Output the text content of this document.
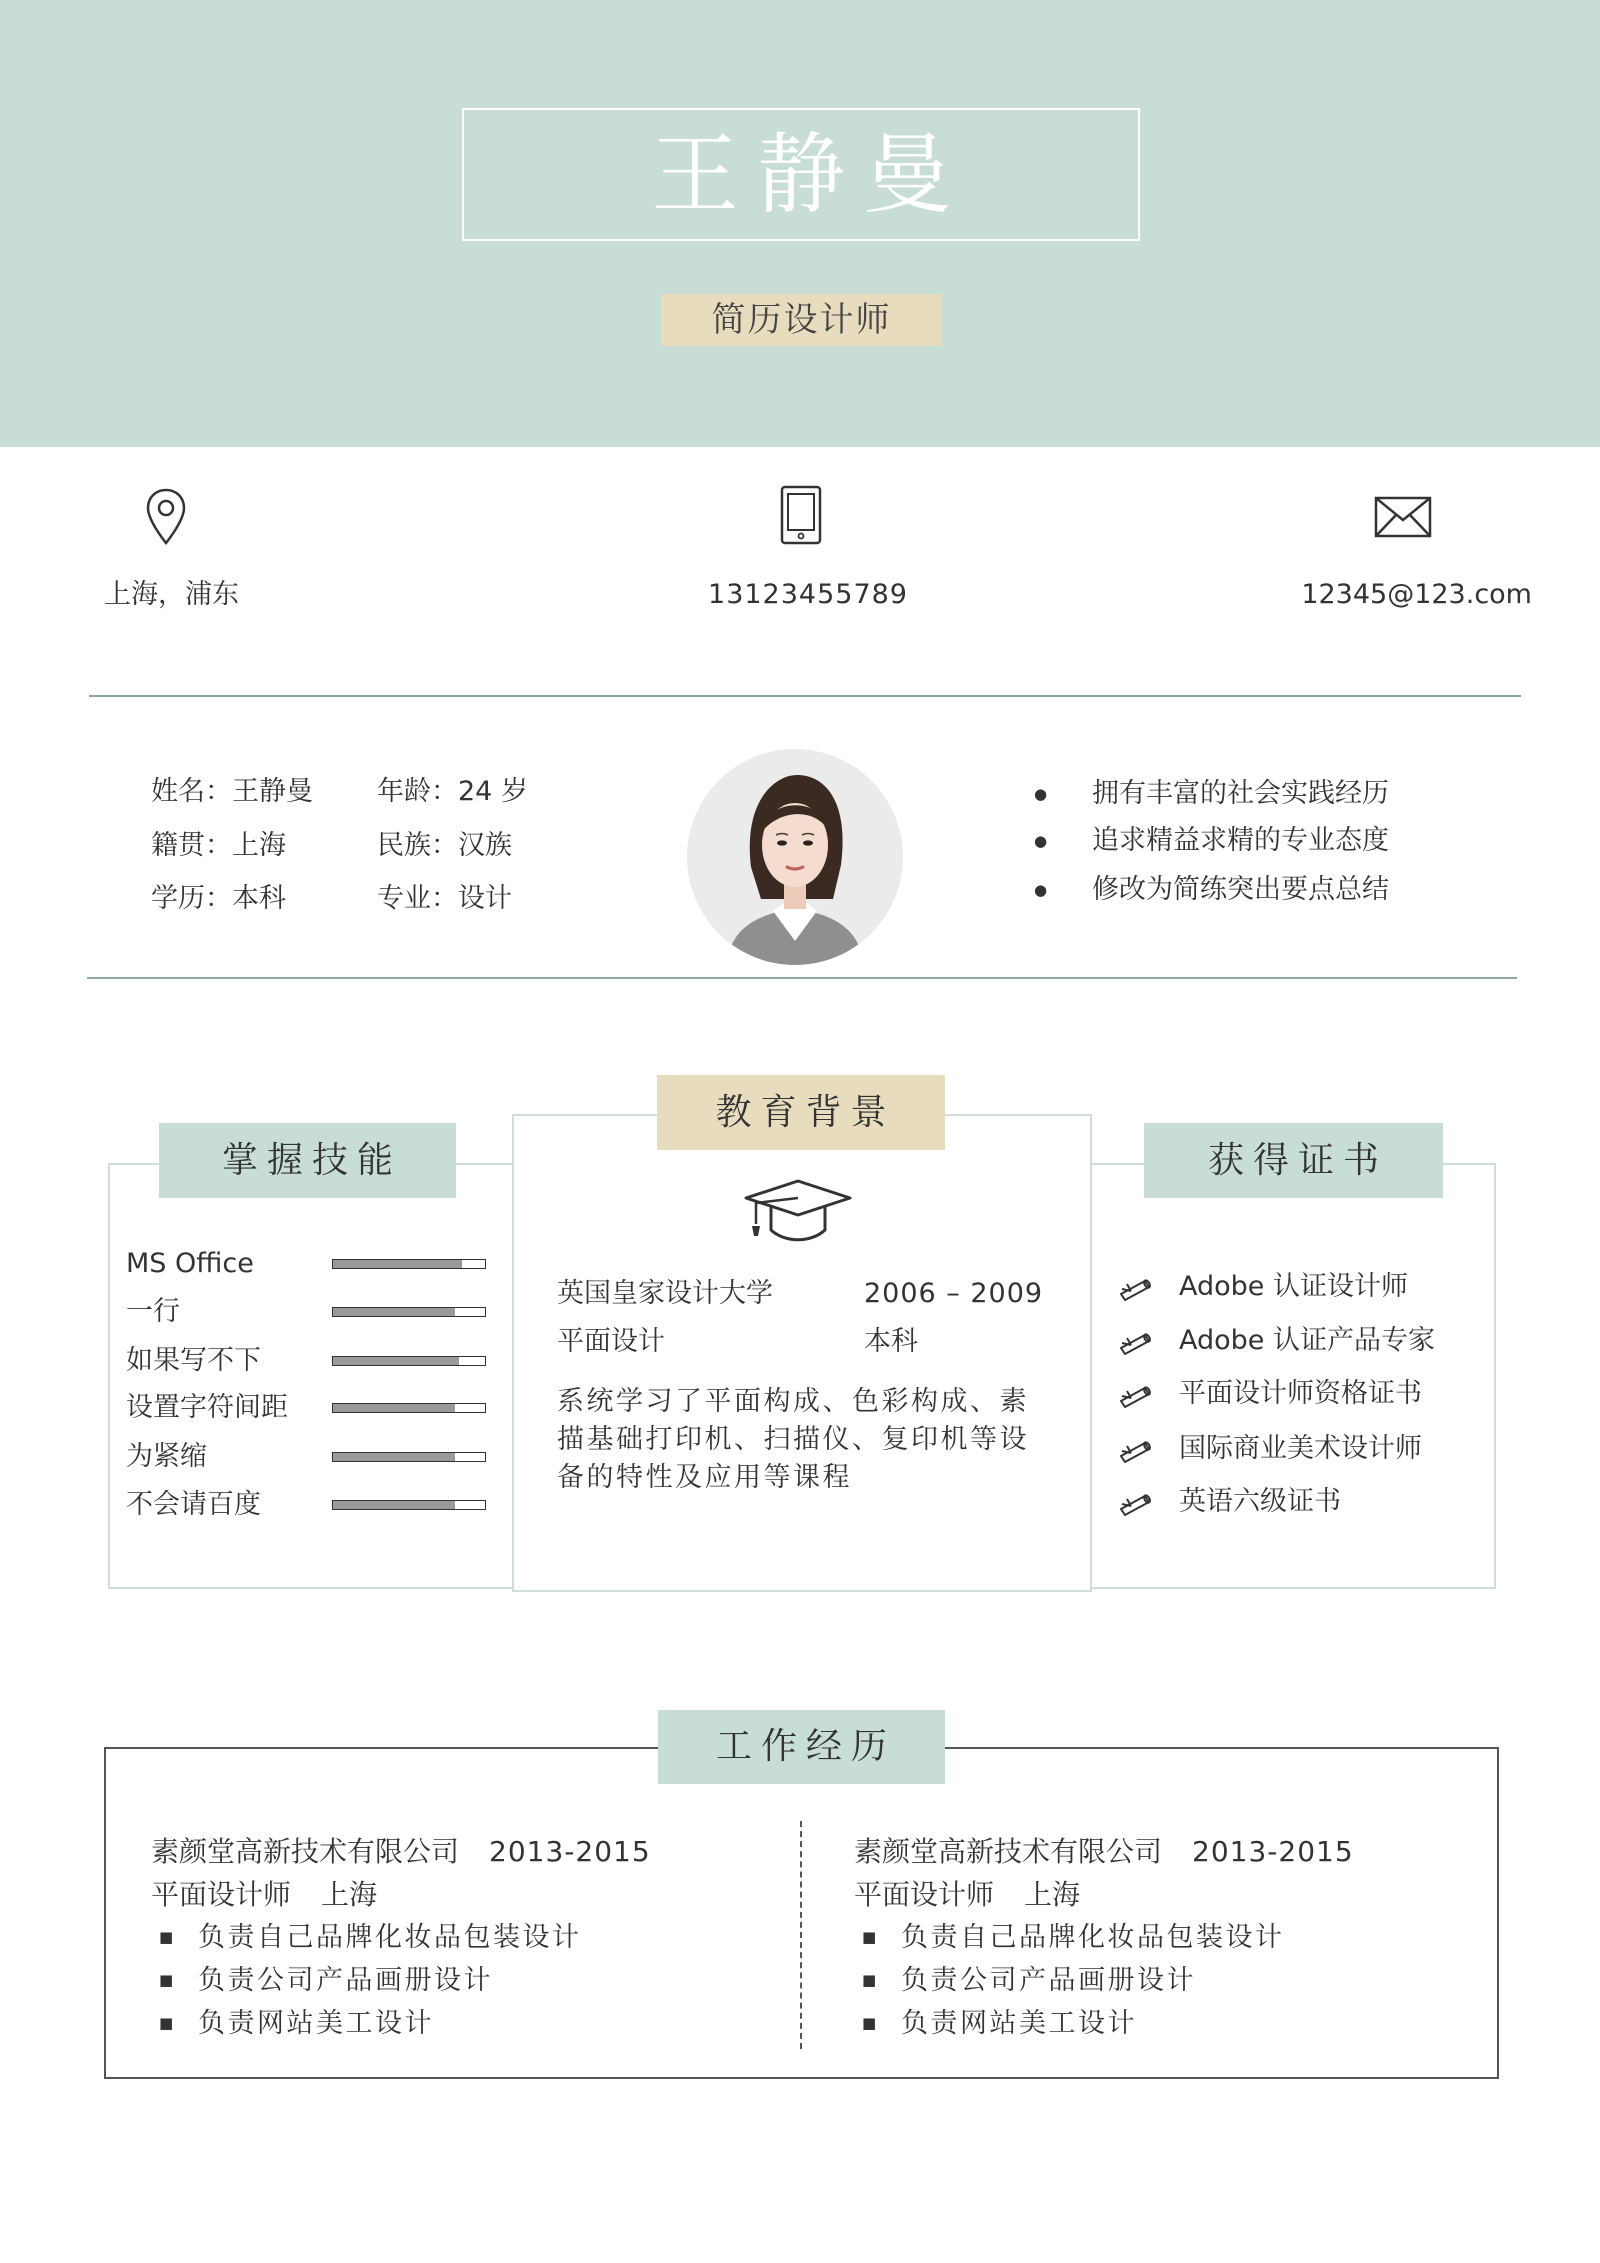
王静曼
简历设计师
上海，浦东	13123455789	12345@123.com
姓名：王静曼 年龄：24 岁
籍贯：上海	民族：汉族
学历：本科	专业：设计
● 拥有丰富的社会实践经历
● 追求精益求精的专业态度
● 修改为简练突出要点总结
掌握技能
教育背景
获得证书
MS Office
一行
如果写不下
设置字符间距
为紧缩
不会请百度
英国皇家设计大学	2006 – 2009
平面设计	本科
系统学习了平面构成、色彩构成、素描基础打印机、扫描仪、复印机等设备的特性及应用等课程
Adobe 认证设计师
Adobe 认证产品专家
平面设计师资格证书
国际商业美术设计师
英语六级证书
工作经历
素颜堂高新技术有限公司 2013-2015
平面设计师 上海
■ 负责自己品牌化妆品包装设计
■ 负责公司产品画册设计
■ 负责网站美工设计
素颜堂高新技术有限公司 2013-2015
平面设计师 上海
■ 负责自己品牌化妆品包装设计
■ 负责公司产品画册设计
■ 负责网站美工设计
